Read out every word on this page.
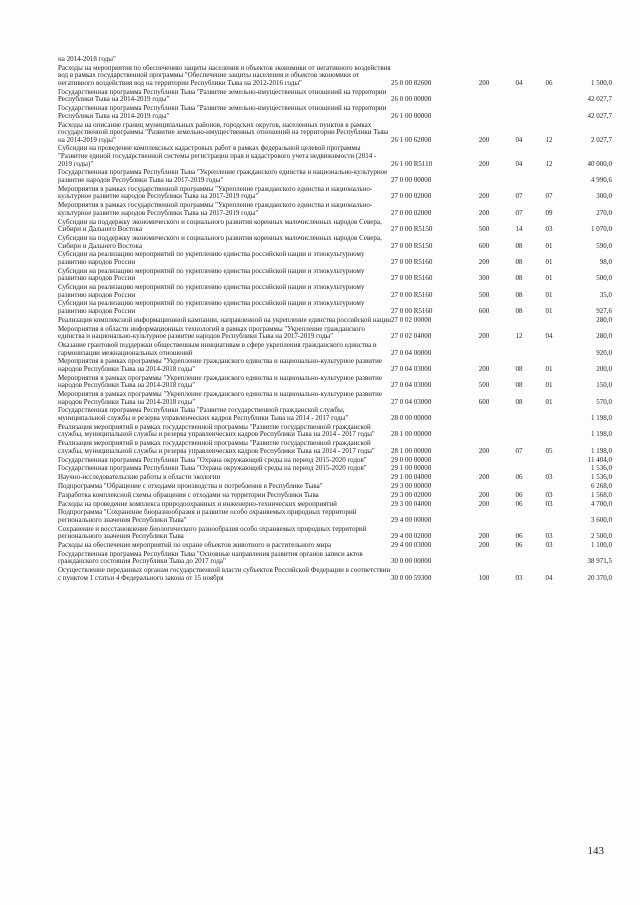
на 2014-2018 годы"					
Расходы на мероприятия по обеспечению защиты населения и объектов экономики от негативного воздействия вод в рамках государственной программы "Обеспечение защиты населения и объектов экономики от негативного воздействия вод на территории Республики Тыва на 2012-2016 годы"	25 0 00 82600	200	04	06	1 500,0
Государственная программа Республики Тыва "Развитие земельно-имущественных отношений на территории Республики Тыва на 2014-2019 годы"	26 0 00 00000				42 027,7
Государственная программа Республики Тыва "Развитие земельно-имущественных отношений на территории Республики Тыва на 2014-2019 годы"	26 1 00 00000				42 027,7
Расходы на описание границ муниципальных районов, городских округов, населенных пунктов в рамках государственной программы "Развитие земельно-имущественных отношений на территории Республики Тыва на 2014-2019 годы"	26 1 00 62000	200	04	12	2 027,7
Субсидии на проведение комплексных кадастровых работ в рамках федеральной целевой программы "Развитие единой государственной системы регистрации прав и кадастрового учета недвижимости (2014 - 2019 годы)"	26 1 00 R5110	200	04	12	40 000,0
Государственная программа Республики Тыва "Укрепление гражданского единства и национально-культурное развитие народов Республики Тыва на 2017-2019 годы"	27 0 00 00000				4 990,6
Мероприятия в рамках государственной программы "Укрепление гражданского единства и национально-культурное развитие народов Республики Тыва на 2017-2019 годы"	27 0 00 02000	200	07	07	300,0
Мероприятия в рамках государственной программы "Укрепление гражданского единства и национально-культурное развитие народов Республики Тыва на 2017-2019 годы"	27 0 00 02000	200	07	09	270,0
Субсидии на поддержку экономического и социального развития коренных малочисленных народов Севера, Сибири и Дальнего Востока	27 0 00 R5150	500	14	03	1 070,0
Субсидии на поддержку экономического и социального развития коренных малочисленных народов Севера, Сибири и Дальнего Востока	27 0 00 R5150	600	08	01	590,0
Субсидии на реализацию мероприятий по укреплению единства российской нации и этнокультурному развитию народов России	27 0 00 R5160	200	08	01	98,0
Субсидии на реализацию мероприятий по укреплению единства российской нации и этнокультурному развитию народов России	27 0 00 R5160	300	08	01	500,0
Субсидии на реализацию мероприятий по укреплению единства российской нации и этнокультурному развитию народов России	27 0 00 R5160	500	08	01	35,0
Субсидии на реализацию мероприятий по укреплению единства российской нации и этнокультурному развитию народов России	27 0 00 R5160	600	08	01	927,6
Реализация комплексной информационной кампании, направленной на укрепление единства российской нации	27 0 02 00000				280,0
Мероприятия в области информационных технологий в рамках программы "Укрепление гражданского единства и национально-культурное развитие народов Республики Тыва на 2017-2019 годы"	27 0 02 04000	200	12	04	280,0
Оказание грантовой поддержки общественным инициативам в сфере укрепления гражданского единства и гармонизации межнациональных отношений	27 0 04 00000				920,0
Мероприятия в рамках программы "Укрепление гражданского единства и национально-культурное развитие народов Республики Тыва на 2014-2018 годы"	27 0 04 03000	200	08	01	200,0
Мероприятия в рамках программы "Укрепление гражданского единства и национально-культурное развитие народов Республики Тыва на 2014-2018 годы"	27 0 04 03000	500	08	01	150,0
Мероприятия в рамках программы "Укрепление гражданского единства и национально-культурное развитие народов Республики Тыва на 2014-2018 годы"	27 0 04 03000	600	08	01	570,0
Государственная программа Республики Тыва "Развитие государственной гражданской службы, муниципальной службы и резерва управленческих кадров Республики Тыва на 2014 - 2017 годы"	28 0 00 00000				1 198,0
Реализация мероприятий в рамках государственной программы "Развитие государственной гражданской службы, муниципальной службы и резерва управленческих кадров Республики Тыва на 2014 - 2017 годы"	28 1 00 00000				1 198,0
Реализация мероприятий в рамках государственной программы "Развитие государственной гражданской службы, муниципальной службы и резерва управленческих кадров Республики Тыва на 2014 - 2017 годы"	28 1 00 00000	200	07	05	1 198,0
Государственная программа Республики Тыва "Охрана окружающей среды на период 2015-2020 годов"	29 0 00 00000				11 404,0
Государственная программа Республики Тыва "Охрана окружающей среды на период 2015-2020 годов"	29 1 00 00000				1 536,0
Научно-исследовательские работы в области экологии	29 1 00 04000	200	06	03	1 536,0
Подпрограмма "Обращение с отходами производства и потребления в Республике Тыва"	29 3 00 00000				6 268,0
Разработка комплексной схемы обращения с отходами на территории Республики Тыва	29 3 00 02000	200	06	03	1 568,0
Расходы на проведение комплекса природоохранных и инженерно-технических мероприятий	29 3 00 04000	200	06	03	4 700,0
Подпрограмма "Сохранение биоразнообразия и развитие особо охраняемых природных территорий регионального значения Республики Тыва"	29 4 00 00000				3 600,0
Сохранение и восстановление биологического разнообразия особо охраняемых природных территорий регионального значения Республики Тыва	29 4 00 02000	200	06	03	2 500,0
Расходы на обеспечение мероприятий по охране объектов животного и растительного мира	29 4 00 03000	200	06	03	1 100,0
Государственная программа Республики Тыва "Основные направления развития органов записи актов гражданского состояния Республики Тыва до 2017 года"	30 0 00 00000				38 971,5
Осуществление переданных органам государственной власти субъектов Российской Федерации в соответствии с пунктом 1 статьи 4 Федерального закона от 15 ноября	30 0 00 59300	100	03	04	20 370,0
143
